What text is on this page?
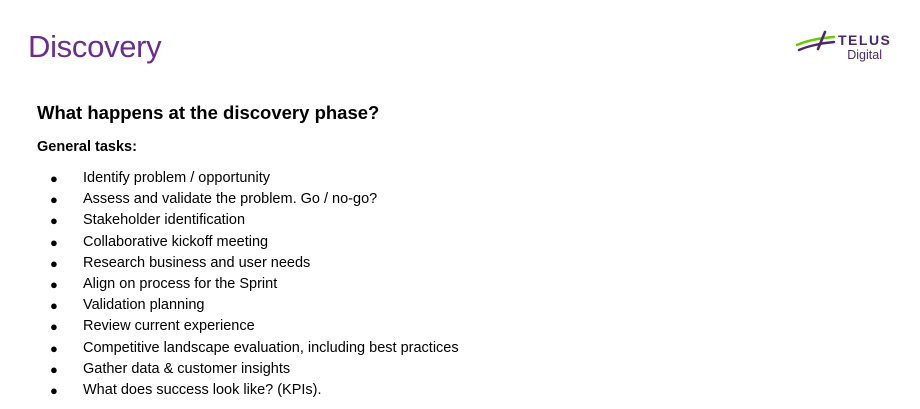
Discovery	TELUS
Digital
What happens at the discovery phase?
General tasks:
● Identify problem / opportunity
● Assess and validate the problem. Go / no-go?
● Stakeholder identification
● Collaborative kickoff meeting
● Research business and user needs
● Align on process for the Sprint
● Validation planning
● Review current experience
● Competitive landscape evaluation, including best practices
● Gather data & customer insights
● What does success look like? (KPIs).
